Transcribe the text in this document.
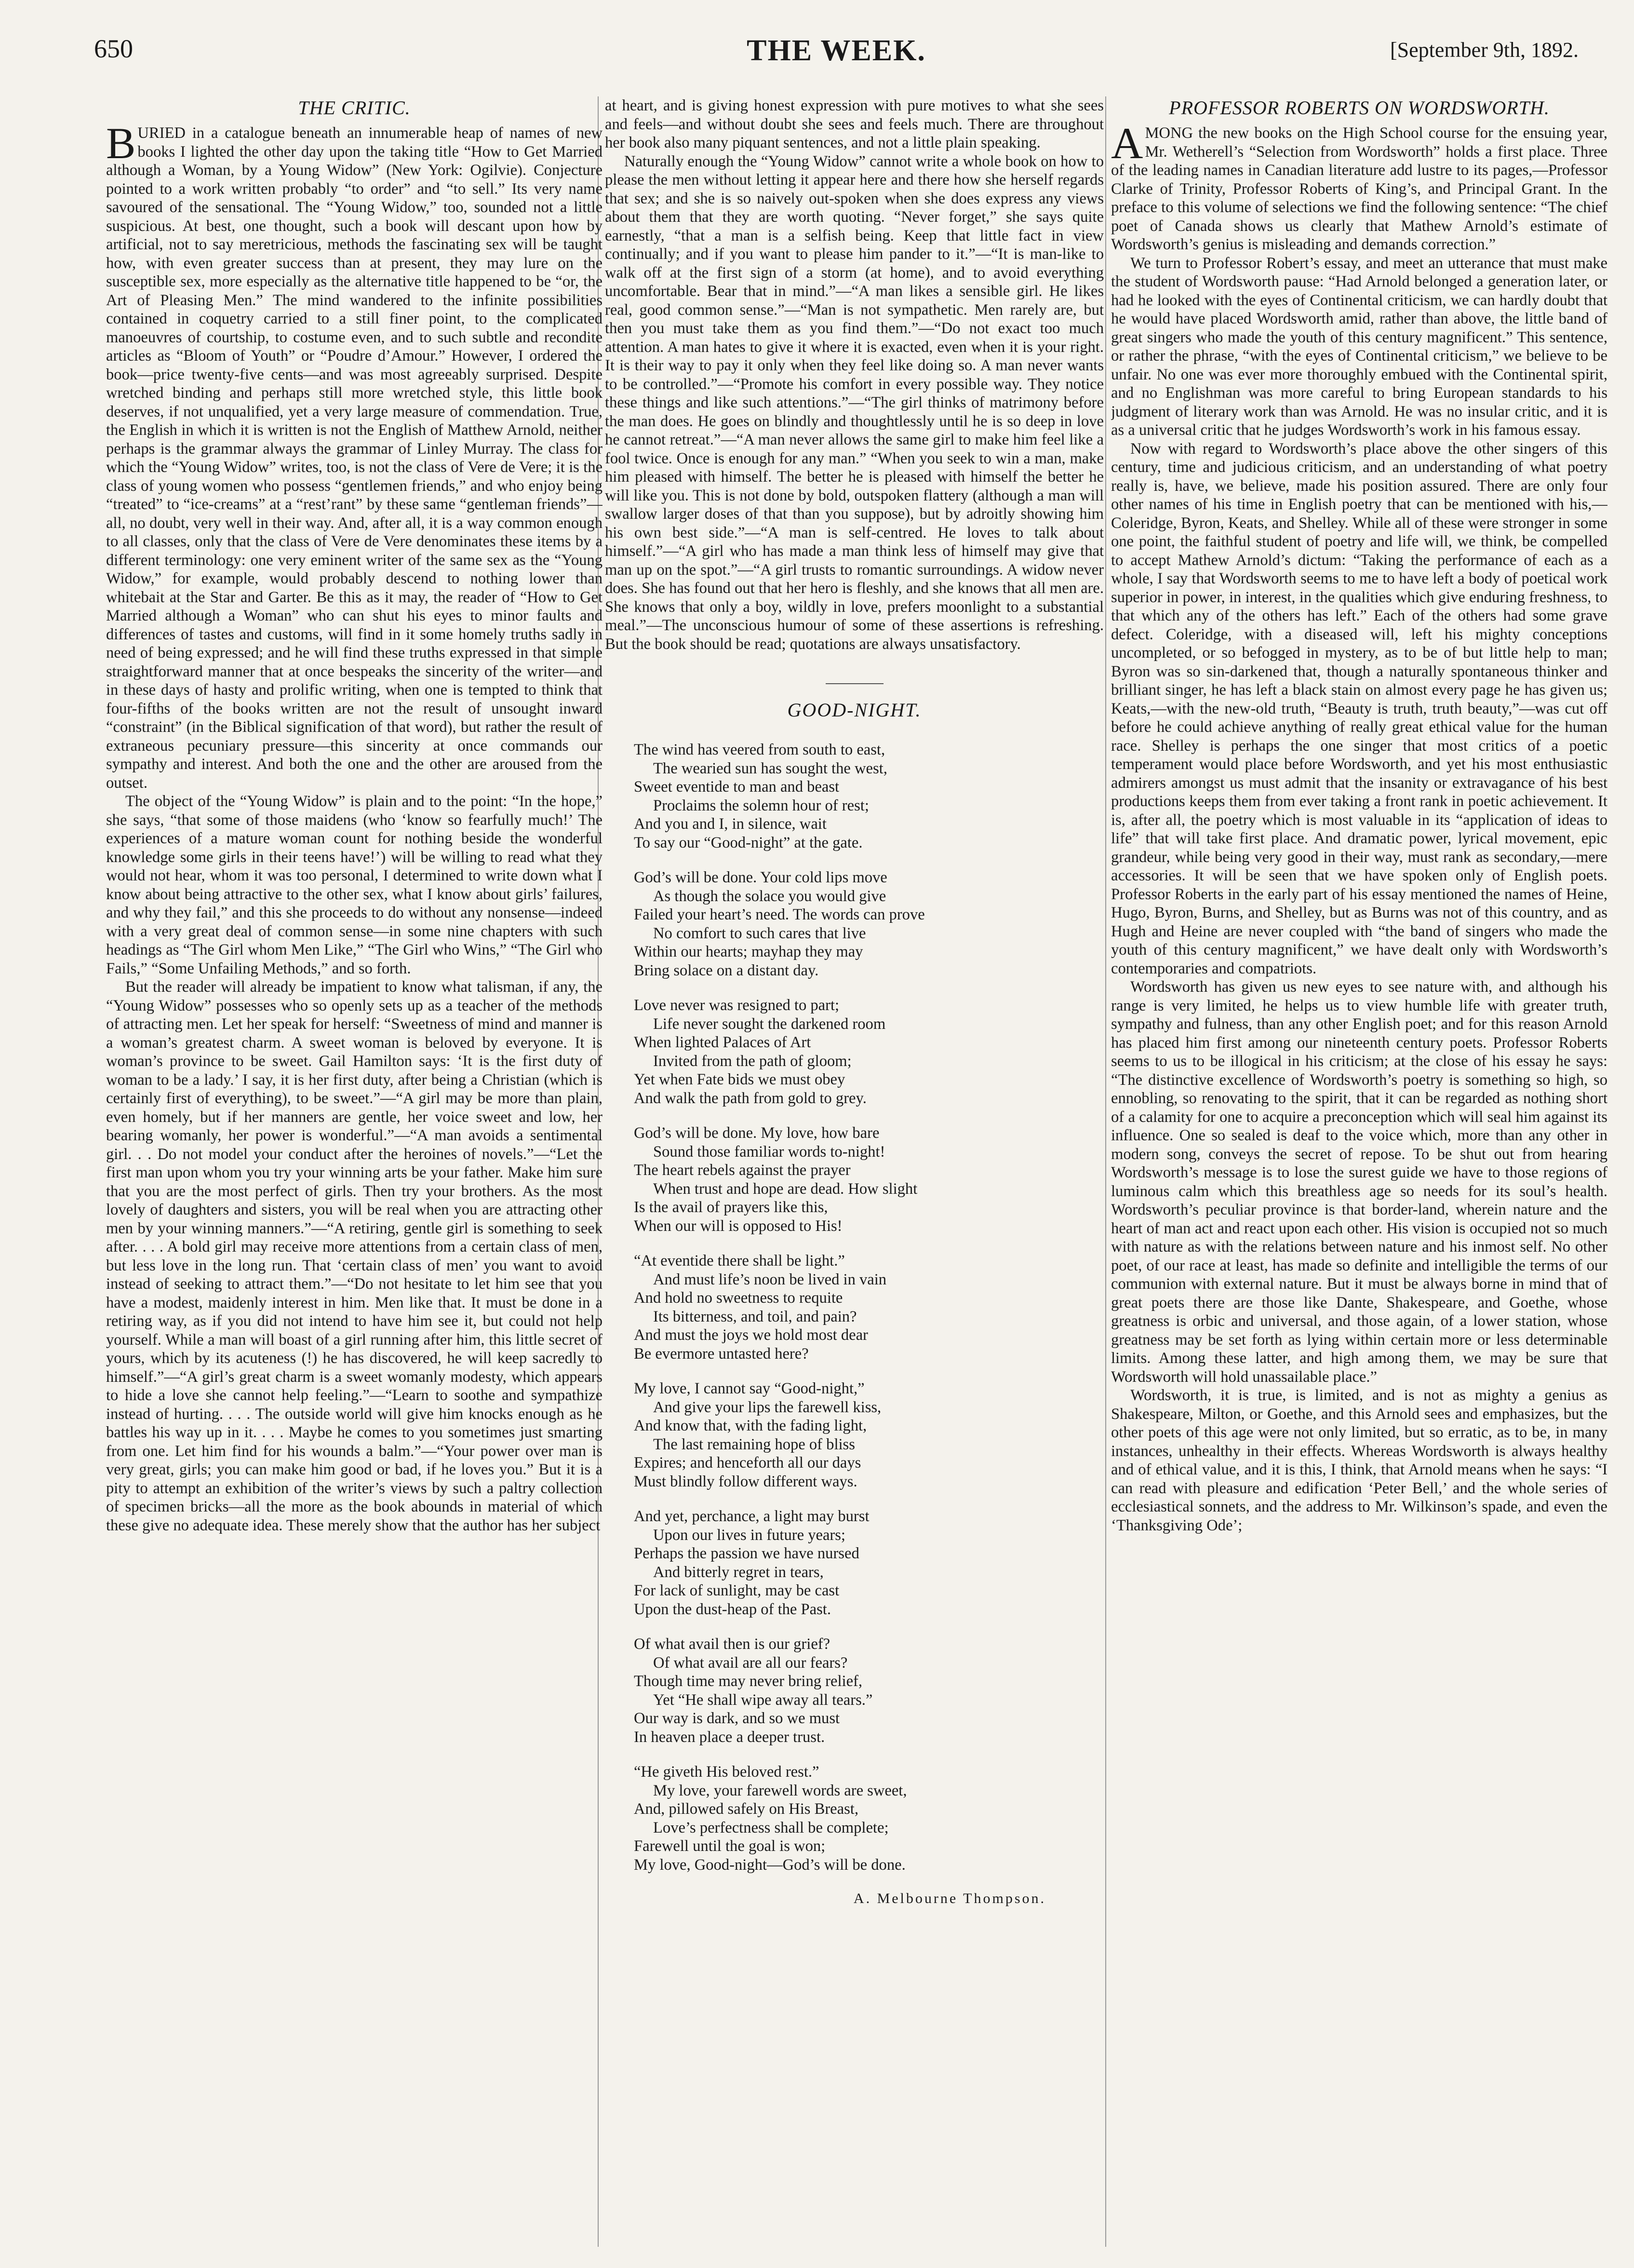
650	THE WEEK.	[September 9th, 1892.
THE CRITIC.

BURIED in a catalogue beneath an innumerable heap of names of new books I lighted the other day upon the taking title “How to Get Married although a Woman, by a Young Widow” (New York: Ogilvie). Conjecture pointed to a work written probably “to order” and “to sell.” Its very name savoured of the sensational. The “Young Widow,” too, sounded not a little suspicious. At best, one thought, such a book will descant upon how by artificial, not to say meretricious, methods the fascinating sex will be taught how, with even greater success than at present, they may lure on the susceptible sex, more especially as the alternative title happened to be “or, the Art of Pleasing Men.” The mind wandered to the infinite possibilities contained in coquetry carried to a still finer point, to the complicated manoeuvres of courtship, to costume even, and to such subtle and recondite articles as “Bloom of Youth” or “Poudre d’Amour.” However, I ordered the book—price twenty-five cents—and was most agreeably surprised. Despite wretched binding and perhaps still more wretched style, this little book deserves, if not unqualified, yet a very large measure of commendation. True, the English in which it is written is not the English of Matthew Arnold, neither perhaps is the grammar always the grammar of Linley Murray. The class for which the “Young Widow” writes, too, is not the class of Vere de Vere; it is the class of young women who possess “gentlemen friends,” and who enjoy being “treated” to “ice-creams” at a “rest’rant” by these same “gentleman friends”—all, no doubt, very well in their way. And, after all, it is a way common enough to all classes, only that the class of Vere de Vere denominates these items by a different terminology: one very eminent writer of the same sex as the “Young Widow,” for example, would probably descend to nothing lower than whitebait at the Star and Garter. Be this as it may, the reader of “How to Get Married although a Woman” who can shut his eyes to minor faults and differences of tastes and customs, will find in it some homely truths sadly in need of being expressed; and he will find these truths expressed in that simple straightforward manner that at once bespeaks the sincerity of the writer—and in these days of hasty and prolific writing, when one is tempted to think that four-fifths of the books written are not the result of unsought inward “constraint” (in the Biblical signification of that word), but rather the result of extraneous pecuniary pressure—this sincerity at once commands our sympathy and interest. And both the one and the other are aroused from the outset.

The object of the “Young Widow” is plain and to the point: “In the hope,” she says, “that some of those maidens (who ‘know so fearfully much!’ The experiences of a mature woman count for nothing beside the wonderful knowledge some girls in their teens have!’) will be willing to read what they would not hear, whom it was too personal, I determined to write down what I know about being attractive to the other sex, what I know about girls’ failures, and why they fail,” and this she proceeds to do without any nonsense—indeed with a very great deal of common sense—in some nine chapters with such headings as “The Girl whom Men Like,” “The Girl who Wins,” “The Girl who Fails,” “Some Unfailing Methods,” and so forth.

But the reader will already be impatient to know what talisman, if any, the “Young Widow” possesses who so openly sets up as a teacher of the methods of attracting men. Let her speak for herself: “Sweetness of mind and manner is a woman’s greatest charm. A sweet woman is beloved by everyone. It is woman’s province to be sweet. Gail Hamilton says: ‘It is the first duty of woman to be a lady.’ I say, it is her first duty, after being a Christian (which is certainly first of everything), to be sweet.”—“A girl may be more than plain, even homely, but if her manners are gentle, her voice sweet and low, her bearing womanly, her power is wonderful.”—“A man avoids a sentimental girl. . . Do not model your conduct after the heroines of novels.”—“Let the first man upon whom you try your winning arts be your father. Make him sure that you are the most perfect of girls. Then try your brothers. As the most lovely of daughters and sisters, you will be real when you are attracting other men by your winning manners.”—“A retiring, gentle girl is something to seek after. . . . A bold girl may receive more attentions from a certain class of men, but less love in the long run. That ‘certain class of men’ you want to avoid instead of seeking to attract them.”—“Do not hesitate to let him see that you have a modest, maidenly interest in him. Men like that. It must be done in a retiring way, as if you did not intend to have him see it, but could not help yourself. While a man will boast of a girl running after him, this little secret of yours, which by its acuteness (!) he has discovered, he will keep sacredly to himself.”—“A girl’s great charm is a sweet womanly modesty, which appears to hide a love she cannot help feeling.”—“Learn to soothe and sympathize instead of hurting. . . . The outside world will give him knocks enough as he battles his way up in it. . . . Maybe he comes to you sometimes just smarting from one. Let him find for his wounds a balm.”—“Your power over man is very great, girls; you can make him good or bad, if he loves you.” But it is a pity to attempt an exhibition of the writer’s views by such a paltry collection of specimen bricks—all the more as the book abounds in material of which these give no adequate idea. These merely show that the author has her subject

at heart, and is giving honest expression with pure motives to what she sees and feels—and without doubt she sees and feels much. There are throughout her book also many piquant sentences, and not a little plain speaking.

Naturally enough the “Young Widow” cannot write a whole book on how to please the men without letting it appear here and there how she herself regards that sex; and she is so naively out-spoken when she does express any views about them that they are worth quoting. “Never forget,” she says quite earnestly, “that a man is a selfish being. Keep that little fact in view continually; and if you want to please him pander to it.”—“It is man-like to walk off at the first sign of a storm (at home), and to avoid everything uncomfortable. Bear that in mind.”—“A man likes a sensible girl. He likes real, good common sense.”—“Man is not sympathetic. Men rarely are, but then you must take them as you find them.”—“Do not exact too much attention. A man hates to give it where it is exacted, even when it is your right. It is their way to pay it only when they feel like doing so. A man never wants to be controlled.”—“Promote his comfort in every possible way. They notice these things and like such attentions.”—“The girl thinks of matrimony before the man does. He goes on blindly and thoughtlessly until he is so deep in love he cannot retreat.”—“A man never allows the same girl to make him feel like a fool twice. Once is enough for any man.” “When you seek to win a man, make him pleased with himself. The better he is pleased with himself the better he will like you. This is not done by bold, outspoken flattery (although a man will swallow larger doses of that than you suppose), but by adroitly showing him his own best side.”—“A man is self-centred. He loves to talk about himself.”—“A girl who has made a man think less of himself may give that man up on the spot.”—“A girl trusts to romantic surroundings. A widow never does. She has found out that her hero is fleshly, and she knows that all men are. She knows that only a boy, wildly in love, prefers moonlight to a substantial meal.”—The unconscious humour of some of these assertions is refreshing. But the book should be read; quotations are always unsatisfactory.

GOOD-NIGHT.
The wind has veered from south to east,
The wearied sun has sought the west,
Sweet eventide to man and beast
Proclaims the solemn hour of rest;
And you and I, in silence, wait
To say our “Good-night” at the gate.
God’s will be done. Your cold lips move
As though the solace you would give
Failed your heart’s need. The words can prove
No comfort to such cares that live
Within our hearts; mayhap they may
Bring solace on a distant day.
Love never was resigned to part;
Life never sought the darkened room
When lighted Palaces of Art
Invited from the path of gloom;
Yet when Fate bids we must obey
And walk the path from gold to grey.
God’s will be done. My love, how bare
Sound those familiar words to-night!
The heart rebels against the prayer
When trust and hope are dead. How slight
Is the avail of prayers like this,
When our will is opposed to His!
“At eventide there shall be light.”
And must life’s noon be lived in vain
And hold no sweetness to requite
Its bitterness, and toil, and pain?
And must the joys we hold most dear
Be evermore untasted here?
My love, I cannot say “Good-night,”
And give your lips the farewell kiss,
And know that, with the fading light,
The last remaining hope of bliss
Expires; and henceforth all our days
Must blindly follow different ways.
And yet, perchance, a light may burst
Upon our lives in future years;
Perhaps the passion we have nursed
And bitterly regret in tears,
For lack of sunlight, may be cast
Upon the dust-heap of the Past.
Of what avail then is our grief?
Of what avail are all our fears?
Though time may never bring relief,
Yet “He shall wipe away all tears.”
Our way is dark, and so we must
In heaven place a deeper trust.
“He giveth His beloved rest.”
My love, your farewell words are sweet,
And, pillowed safely on His Breast,
Love’s perfectness shall be complete;
Farewell until the goal is won;
My love, Good-night—God’s will be done.
A. Melbourne Thompson.
PROFESSOR ROBERTS ON WORDSWORTH.

AMONG the new books on the High School course for the ensuing year, Mr. Wetherell’s “Selection from Wordsworth” holds a first place. Three of the leading names in Canadian literature add lustre to its pages,—Professor Clarke of Trinity, Professor Roberts of King’s, and Principal Grant. In the preface to this volume of selections we find the following sentence: “The chief poet of Canada shows us clearly that Mathew Arnold’s estimate of Wordsworth’s genius is misleading and demands correction.”

We turn to Professor Robert’s essay, and meet an utterance that must make the student of Wordsworth pause: “Had Arnold belonged a generation later, or had he looked with the eyes of Continental criticism, we can hardly doubt that he would have placed Wordsworth amid, rather than above, the little band of great singers who made the youth of this century magnificent.” This sentence, or rather the phrase, “with the eyes of Continental criticism,” we believe to be unfair. No one was ever more thoroughly embued with the Continental spirit, and no Englishman was more careful to bring European standards to his judgment of literary work than was Arnold. He was no insular critic, and it is as a universal critic that he judges Wordsworth’s work in his famous essay.

Now with regard to Wordsworth’s place above the other singers of this century, time and judicious criticism, and an understanding of what poetry really is, have, we believe, made his position assured. There are only four other names of his time in English poetry that can be mentioned with his,—Coleridge, Byron, Keats, and Shelley. While all of these were stronger in some one point, the faithful student of poetry and life will, we think, be compelled to accept Mathew Arnold’s dictum: “Taking the performance of each as a whole, I say that Wordsworth seems to me to have left a body of poetical work superior in power, in interest, in the qualities which give enduring freshness, to that which any of the others has left.” Each of the others had some grave defect. Coleridge, with a diseased will, left his mighty conceptions uncompleted, or so befogged in mystery, as to be of but little help to man; Byron was so sin-darkened that, though a naturally spontaneous thinker and brilliant singer, he has left a black stain on almost every page he has given us; Keats,—with the new-old truth, “Beauty is truth, truth beauty,”—was cut off before he could achieve anything of really great ethical value for the human race. Shelley is perhaps the one singer that most critics of a poetic temperament would place before Wordsworth, and yet his most enthusiastic admirers amongst us must admit that the insanity or extravagance of his best productions keeps them from ever taking a front rank in poetic achievement. It is, after all, the poetry which is most valuable in its “application of ideas to life” that will take first place. And dramatic power, lyrical movement, epic grandeur, while being very good in their way, must rank as secondary,—mere accessories. It will be seen that we have spoken only of English poets. Professor Roberts in the early part of his essay mentioned the names of Heine, Hugo, Byron, Burns, and Shelley, but as Burns was not of this country, and as Hugh and Heine are never coupled with “the band of singers who made the youth of this century magnificent,” we have dealt only with Wordsworth’s contemporaries and compatriots.

Wordsworth has given us new eyes to see nature with, and although his range is very limited, he helps us to view humble life with greater truth, sympathy and fulness, than any other English poet; and for this reason Arnold has placed him first among our nineteenth century poets. Professor Roberts seems to us to be illogical in his criticism; at the close of his essay he says: “The distinctive excellence of Wordsworth’s poetry is something so high, so ennobling, so renovating to the spirit, that it can be regarded as nothing short of a calamity for one to acquire a preconception which will seal him against its influence. One so sealed is deaf to the voice which, more than any other in modern song, conveys the secret of repose. To be shut out from hearing Wordsworth’s message is to lose the surest guide we have to those regions of luminous calm which this breathless age so needs for its soul’s health. Wordsworth’s peculiar province is that border-land, wherein nature and the heart of man act and react upon each other. His vision is occupied not so much with nature as with the relations between nature and his inmost self. No other poet, of our race at least, has made so definite and intelligible the terms of our communion with external nature. But it must be always borne in mind that of great poets there are those like Dante, Shakespeare, and Goethe, whose greatness is orbic and universal, and those again, of a lower station, whose greatness may be set forth as lying within certain more or less determinable limits. Among these latter, and high among them, we may be sure that Wordsworth will hold unassailable place.”

Wordsworth, it is true, is limited, and is not as mighty a genius as Shakespeare, Milton, or Goethe, and this Arnold sees and emphasizes, but the other poets of this age were not only limited, but so erratic, as to be, in many instances, unhealthy in their effects. Whereas Wordsworth is always healthy and of ethical value, and it is this, I think, that Arnold means when he says: “I can read with pleasure and edification ‘Peter Bell,’ and the whole series of ecclesiastical sonnets, and the address to Mr. Wilkinson’s spade, and even the ‘Thanksgiving Ode’;
